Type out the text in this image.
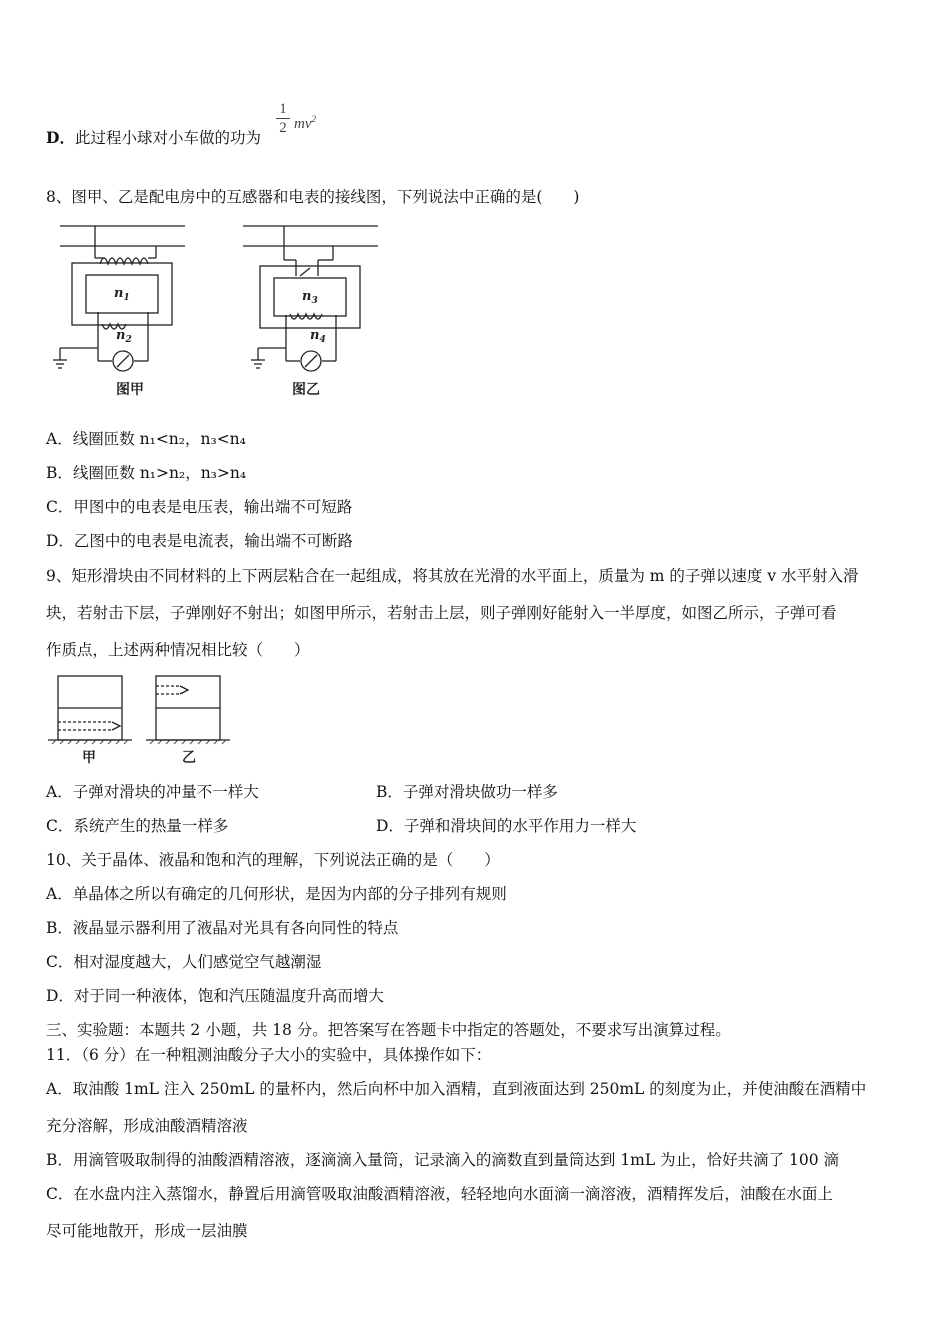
D．此过程小球对小车做的功为
1
2 $mv^2$
8、图甲、乙是配电房中的互感器和电表的接线图，下列说法中正确的是(　　)
$n_1$
$n_2$
图甲
$n_3$
$n_4$
图乙
A．线圈匝数 n₁<n₂，n₃<n₄
B．线圈匝数 n₁>n₂，n₃>n₄
C．甲图中的电表是电压表，输出端不可短路
D．乙图中的电表是电流表，输出端不可断路
9、矩形滑块由不同材料的上下两层粘合在一起组成，将其放在光滑的水平面上，质量为 m 的子弹以速度 v 水平射入滑
块，若射击下层，子弹刚好不射出；如图甲所示，若射击上层，则子弹刚好能射入一半厚度，如图乙所示，子弹可看
作质点，上述两种情况相比较（　　）
甲	乙
A．子弹对滑块的冲量不一样大	B．子弹对滑块做功一样多
C．系统产生的热量一样多	D．子弹和滑块间的水平作用力一样大
10、关于晶体、液晶和饱和汽的理解，下列说法正确的是（　　）
A．单晶体之所以有确定的几何形状，是因为内部的分子排列有规则
B．液晶显示器利用了液晶对光具有各向同性的特点
C．相对湿度越大，人们感觉空气越潮湿
D．对于同一种液体，饱和汽压随温度升高而增大
三、实验题：本题共 2 小题，共 18 分。把答案写在答题卡中指定的答题处，不要求写出演算过程。
11．（6 分）在一种粗测油酸分子大小的实验中，具体操作如下：
A．取油酸 1mL 注入 250mL 的量杯内，然后向杯中加入酒精，直到液面达到 250mL 的刻度为止，并使油酸在酒精中
充分溶解，形成油酸酒精溶液
B．用滴管吸取制得的油酸酒精溶液，逐滴滴入量筒，记录滴入的滴数直到量筒达到 1mL 为止，恰好共滴了 100 滴
C．在水盘内注入蒸馏水，静置后用滴管吸取油酸酒精溶液，轻轻地向水面滴一滴溶液，酒精挥发后，油酸在水面上
尽可能地散开，形成一层油膜
